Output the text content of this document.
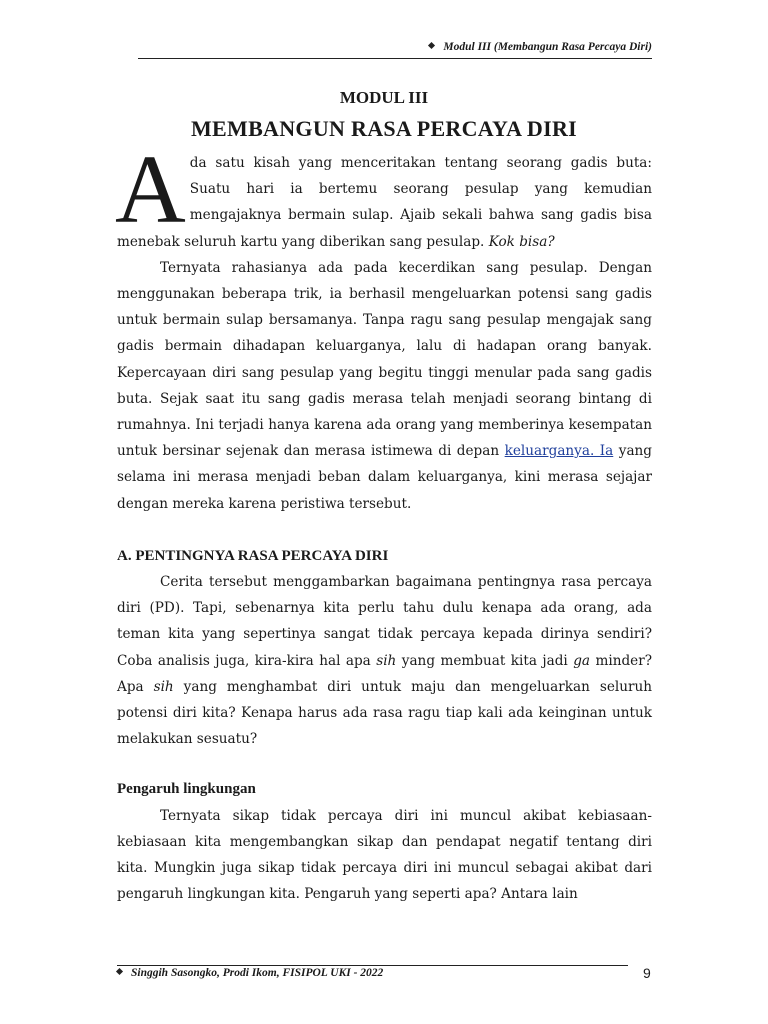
Modul III (Membangun Rasa Percaya Diri)
MODUL III
MEMBANGUN RASA PERCAYA DIRI

Ada satu kisah yang menceritakan tentang seorang gadis buta: Suatu hari ia bertemu seorang pesulap yang kemudian mengajaknya bermain sulap. Ajaib sekali bahwa sang gadis bisa menebak seluruh kartu yang diberikan sang pesulap. Kok bisa?

Ternyata rahasianya ada pada kecerdikan sang pesulap. Dengan menggunakan beberapa trik, ia berhasil mengeluarkan potensi sang gadis untuk bermain sulap bersamanya. Tanpa ragu sang pesulap mengajak sang gadis bermain dihadapan keluarganya, lalu di hadapan orang banyak. Kepercayaan diri sang pesulap yang begitu tinggi menular pada sang gadis buta. Sejak saat itu sang gadis merasa telah menjadi seorang bintang di rumahnya. Ini terjadi hanya karena ada orang yang memberinya kesempatan untuk bersinar sejenak dan merasa istimewa di depan keluarganya. Ia yang selama ini merasa menjadi beban dalam keluarganya, kini merasa sejajar dengan mereka karena peristiwa tersebut.

A. PENTINGNYA RASA PERCAYA DIRI

Cerita tersebut menggambarkan bagaimana pentingnya rasa percaya diri (PD). Tapi, sebenarnya kita perlu tahu dulu kenapa ada orang, ada teman kita yang sepertinya sangat tidak percaya kepada dirinya sendiri? Coba analisis juga, kira-kira hal apa sih yang membuat kita jadi ga minder? Apa sih yang menghambat diri untuk maju dan mengeluarkan seluruh potensi diri kita? Kenapa harus ada rasa ragu tiap kali ada keinginan untuk melakukan sesuatu?

Pengaruh lingkungan

Ternyata sikap tidak percaya diri ini muncul akibat kebiasaan-kebiasaan kita mengembangkan sikap dan pendapat negatif tentang diri kita. Mungkin juga sikap tidak percaya diri ini muncul sebagai akibat dari pengaruh lingkungan kita. Pengaruh yang seperti apa? Antara lain

Singgih Sasongko, Prodi Ikom, FISIPOL UKI - 2022	9
